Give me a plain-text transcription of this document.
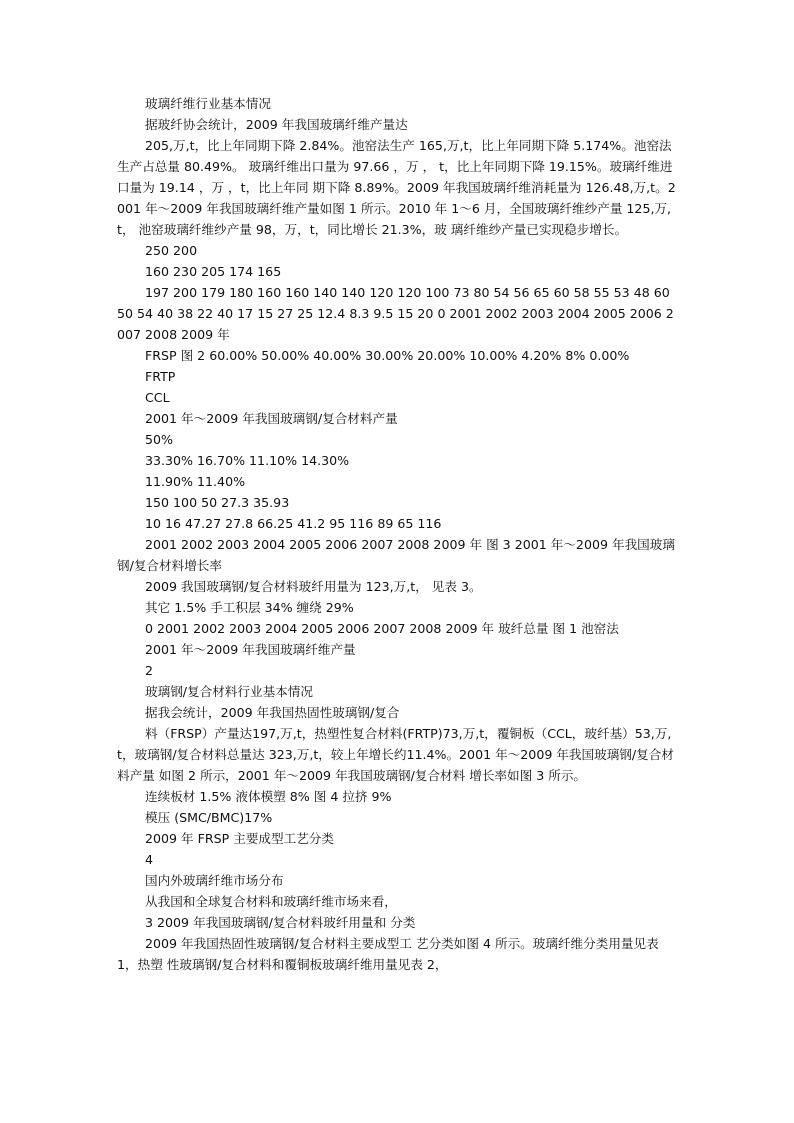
玻璃纤维行业基本情况

据玻纤协会统计，2009 年我国玻璃纤维产量达

205,万,t，比上年同期下降 2.84%。池窑法生产 165,万,t，比上年同期下降 5.174%。池窑法生产占总量 80.49%。 玻璃纤维出口量为 97.66 ，万 ， t，比上年同期下降 19.15%。玻璃纤维进口量为 19.14 ，万 ，t，比上年同 期下降 8.89%。2009 年我国玻璃纤维消耗量为 126.48,万,t。2001 年～2009 年我国玻璃纤维产量如图 1 所示。2010 年 1～6 月，全国玻璃纤维纱产量 125,万,t， 池窑玻璃纤维纱产量 98，万，t，同比增长 21.3%，玻 璃纤维纱产量已实现稳步增长。

250 200

160 230 205 174 165

197 200 179 180 160 160 140 140 120 120 100 73 80 54 56 65 60 58 55 53 48 60 50 54 40 38 22 40 17 15 27 25 12.4 8.3 9.5 15 20 0 2001 2002 2003 2004 2005 2006 2007 2008 2009 年

FRSP 图 2 60.00% 50.00% 40.00% 30.00% 20.00% 10.00% 4.20% 8% 0.00%

FRTP

CCL

2001 年～2009 年我国玻璃钢/复合材料产量

50%

33.30% 16.70% 11.10% 14.30%

11.90% 11.40%

150 100 50 27.3 35.93

10 16 47.27 27.8 66.25 41.2 95 116 89 65 116

2001 2002 2003 2004 2005 2006 2007 2008 2009 年 图 3 2001 年～2009 年我国玻璃钢/复合材料增长率

2009 我国玻璃钢/复合材料玻纤用量为 123,万,t， 见表 3。

其它 1.5% 手工积层 34% 缠绕 29%

0 2001 2002 2003 2004 2005 2006 2007 2008 2009 年 玻纤总量 图 1 池窑法

2001 年～2009 年我国玻璃纤维产量

2

玻璃钢/复合材料行业基本情况

据我会统计，2009 年我国热固性玻璃钢/复合

料（FRSP）产量达197,万,t，热塑性复合材料(FRTP)73,万,t，覆铜板（CCL，玻纤基）53,万,t，玻璃钢/复合材料总量达 323,万,t，较上年增长约11.4%。2001 年～2009 年我国玻璃钢/复合材料产量 如图 2 所示，2001 年～2009 年我国玻璃钢/复合材料 增长率如图 3 所示。

连续板材 1.5% 液体模塑 8% 图 4 拉挤 9%

模压 (SMC/BMC)17%

2009 年 FRSP 主要成型工艺分类

4

国内外玻璃纤维市场分布

从我国和全球复合材料和玻璃纤维市场来看，

3 2009 年我国玻璃钢/复合材料玻纤用量和 分类

2009 年我国热固性玻璃钢/复合材料主要成型工 艺分类如图 4 所示。玻璃纤维分类用量见表 1，热塑 性玻璃钢/复合材料和覆铜板玻璃纤维用量见表 2，
